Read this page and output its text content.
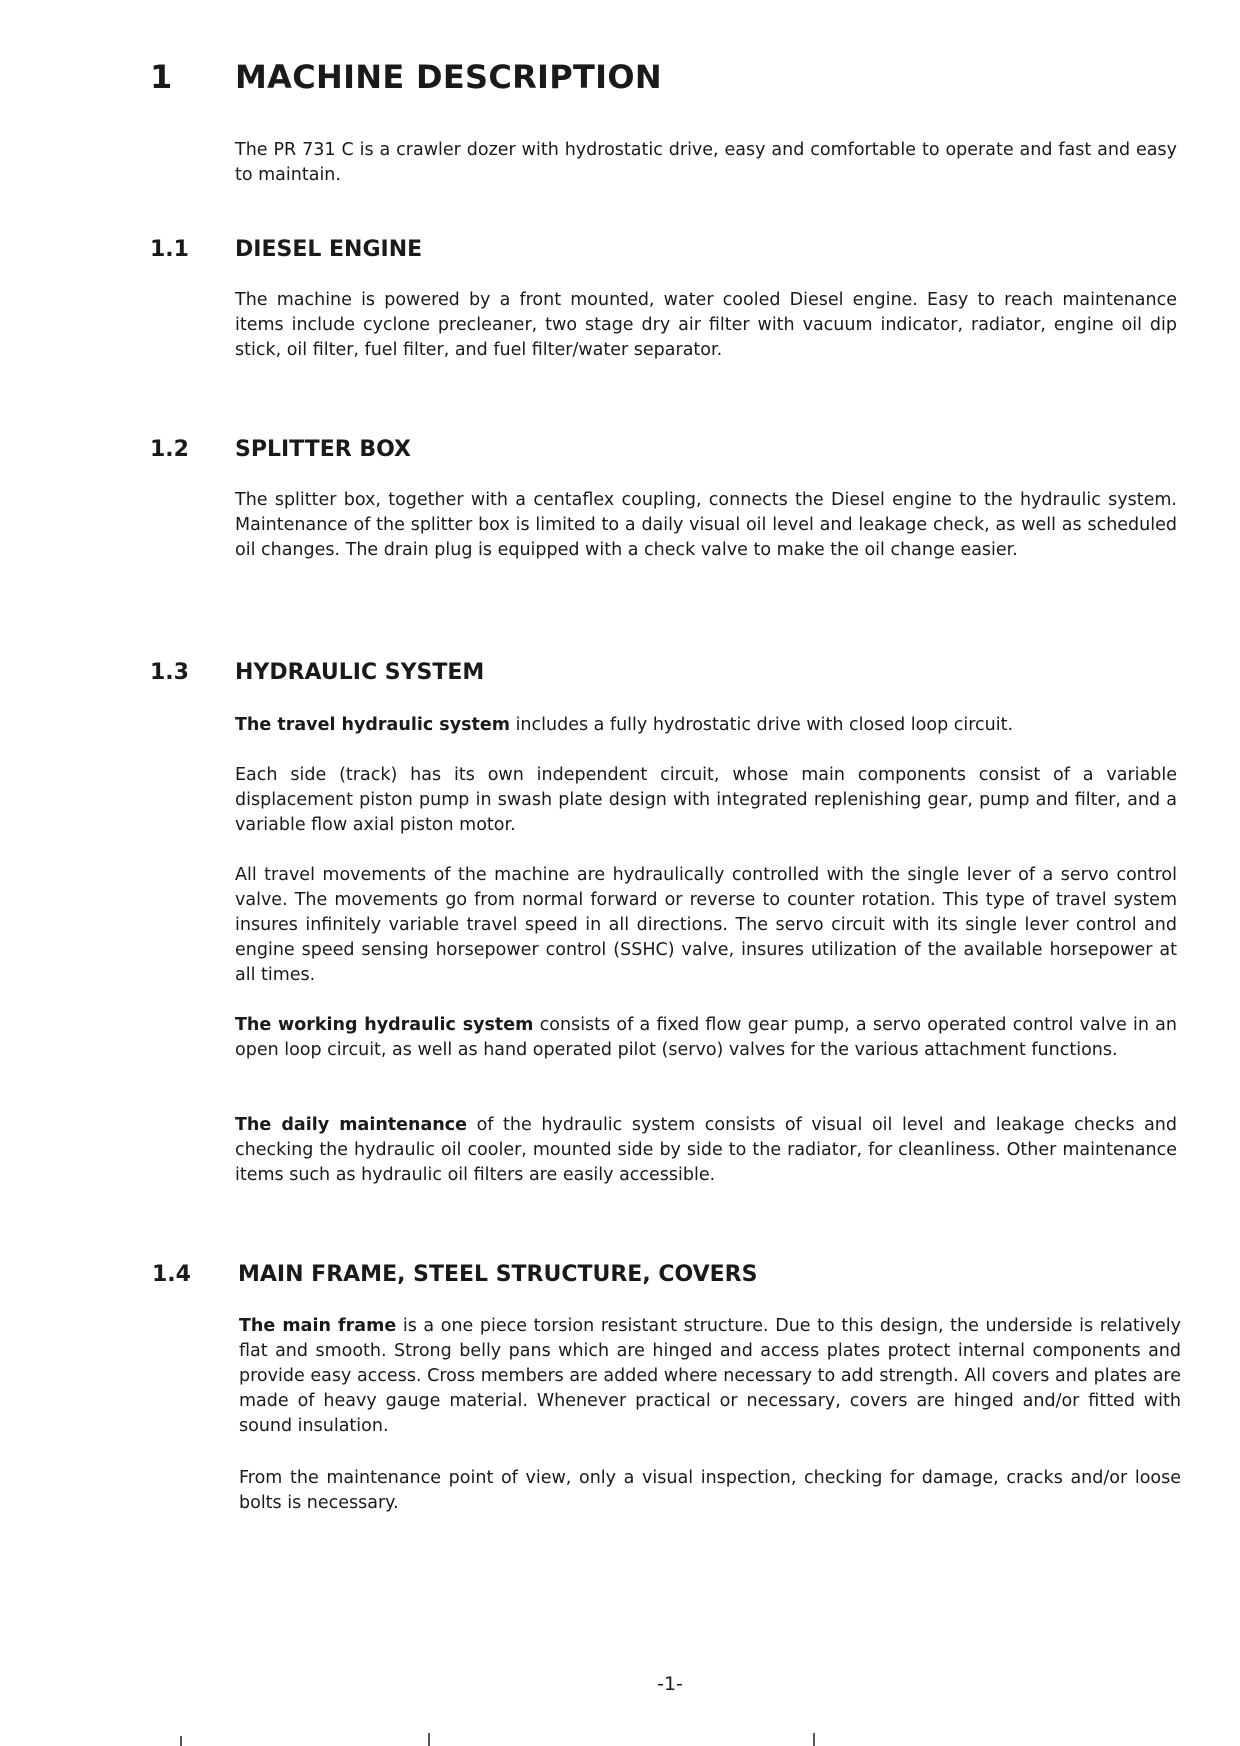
1 MACHINE DESCRIPTION

The PR 731 C is a crawler dozer with hydrostatic drive, easy and comfortable to operate and fast and easy to maintain.

1.1 DIESEL ENGINE

The machine is powered by a front mounted, water cooled Diesel engine. Easy to reach maintenance items include cyclone precleaner, two stage dry air filter with vacuum indicator, radiator, engine oil dip stick, oil filter, fuel filter, and fuel filter/water separator.

1.2 SPLITTER BOX

The splitter box, together with a centaflex coupling, connects the Diesel engine to the hydraulic system. Maintenance of the splitter box is limited to a daily visual oil level and leakage check, as well as scheduled oil changes. The drain plug is equipped with a check valve to make the oil change easier.

1.3 HYDRAULIC SYSTEM

The travel hydraulic system includes a fully hydrostatic drive with closed loop circuit.

Each side (track) has its own independent circuit, whose main components consist of a variable displacement piston pump in swash plate design with integrated replenishing gear, pump and filter, and a variable flow axial piston motor.

All travel movements of the machine are hydraulically controlled with the single lever of a servo control valve. The movements go from normal forward or reverse to counter rotation. This type of travel system insures infinitely variable travel speed in all directions. The servo circuit with its single lever control and engine speed sensing horsepower control (SSHC) valve, insures utilization of the available horsepower at all times.

The working hydraulic system consists of a fixed flow gear pump, a servo operated control valve in an open loop circuit, as well as hand operated pilot (servo) valves for the various attachment functions.

The daily maintenance of the hydraulic system consists of visual oil level and leakage checks and checking the hydraulic oil cooler, mounted side by side to the radiator, for cleanliness. Other maintenance items such as hydraulic oil filters are easily accessible.

1.4 MAIN FRAME, STEEL STRUCTURE, COVERS

The main frame is a one piece torsion resistant structure. Due to this design, the underside is relatively flat and smooth. Strong belly pans which are hinged and access plates protect internal components and provide easy access. Cross members are added where necessary to add strength. All covers and plates are made of heavy gauge material. Whenever practical or necessary, covers are hinged and/or fitted with sound insulation.

From the maintenance point of view, only a visual inspection, checking for damage, cracks and/or loose bolts is necessary.

-1-
